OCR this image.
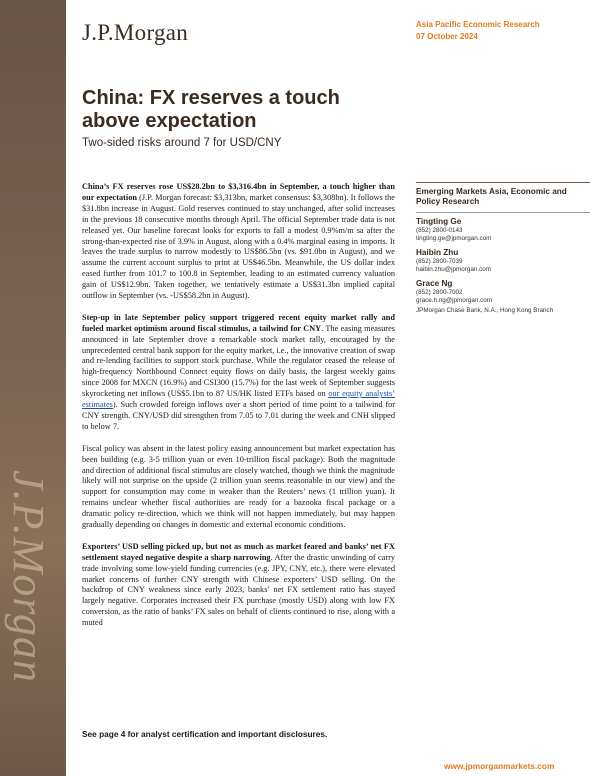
J.P.Morgan
J.P.Morgan	Asia Pacific Economic Research
07 October 2024
China: FX reserves a touch above expectation
Two-sided risks around 7 for USD/CNY

China’s FX reserves rose US$28.2bn to $3,316.4bn in September, a touch higher than our expectation (J.P. Morgan forecast: $3,313bn, market consensus: $3,308bn). It follows the $31.8bn increase in August. Gold reserves continued to stay unchanged, after solid increases in the previous 18 consecutive months through April. The official September trade data is not released yet. Our baseline forecast looks for exports to fall a modest 0.9%m/m sa after the strong-than-expected rise of 3.9% in August, along with a 0.4% marginal easing in imports. It leaves the trade surplus to narrow modestly to US$86.5bn (vs. $91.0bn in August), and we assume the current account surplus to print at US$46.5bn. Meanwhile, the US dollar index eased further from 101.7 to 100.8 in September, leading to an estimated currency valuation gain of US$12.9bn. Taken together, we tentatively estimate a US$31.3bn implied capital outflow in September (vs. -US$58.2bn in August).

Step-up in late September policy support triggered recent equity market rally and fueled market optimism around fiscal stimulus, a tailwind for CNY. The easing measures announced in late September drove a remarkable stock market rally, encouraged by the unprecedented central bank support for the equity market, i.e., the innovative creation of swap and re-lending facilities to support stock purchase. While the regulator ceased the release of high-frequency Northbound Connect equity flows on daily basis, the largest weekly gains since 2008 for MXCN (16.9%) and CSI300 (15.7%) for the last week of September suggests skyrocketing net inflows (US$5.1bn to 87 US/HK listed ETFs based on our equity analysts’ estimates). Such crowded foreign inflows over a short period of time point to a tailwind for CNY strength. CNY/USD did strengthen from 7.05 to 7.01 during the week and CNH slipped to below 7.

Fiscal policy was absent in the latest policy easing announcement but market expectation has been building (e.g. 3-5 trillion yuan or even 10-trillion fiscal package). Both the magnitude and direction of additional fiscal stimulus are closely watched, though we think the magnitude likely will not surprise on the upside (2 trillion yuan seems reasonable in our view) and the support for consumption may come in weaker than the Reuters’ news (1 trillion yuan). It remains unclear whether fiscal authorities are ready for a bazooka fiscal package or a dramatic policy re-direction, which we think will not happen immediately, but may happen gradually depending on changes in domestic and external economic conditions.

Exporters’ USD selling picked up, but not as much as market feared and banks’ net FX settlement stayed negative despite a sharp narrowing. After the drastic unwinding of carry trade involving some low-yield funding currencies (e.g. JPY, CNY, etc.), there were elevated market concerns of further CNY strength with Chinese exporters’ USD selling. On the backdrop of CNY weakness since early 2023, banks’ net FX settlement ratio has stayed largely negative. Corporates increased their FX purchase (mostly USD) along with low FX conversion, as the ratio of banks’ FX sales on behalf of clients continued to rise, along with a muted

Emerging Markets Asia, Economic and Policy Research
Tingting Ge
(852) 2800-0143
tingting.ge@jpmorgan.com
Haibin Zhu
(852) 2800-7039
haibin.zhu@jpmorgan.com
Grace Ng
(852) 2800-7002
grace.h.ng@jpmorgan.com
JPMorgan Chase Bank, N.A., Hong Kong Branch
See page 4 for analyst certification and important disclosures.
www.jpmorganmarkets.com
